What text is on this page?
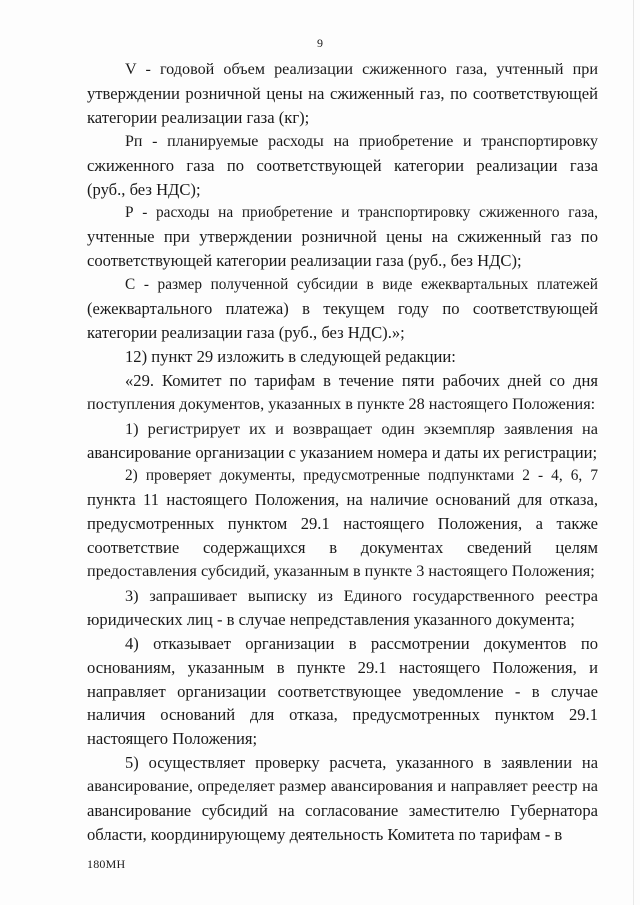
9

V - годовой объем реализации сжиженного газа, учтенный при
утверждении розничной цены на сжиженный газ, по соответствующей
категории реализации газа (кг);

Рп - планируемые расходы на приобретение и транспортировку
сжиженного газа по соответствующей категории реализации газа
(руб., без НДС);

Р - расходы на приобретение и транспортировку сжиженного газа,
учтенные при утверждении розничной цены на сжиженный газ по
соответствующей категории реализации газа (руб., без НДС);

С - размер полученной субсидии в виде ежеквартальных платежей
(ежеквартального платежа) в текущем году по соответствующей
категории реализации газа (руб., без НДС).»;

12) пункт 29 изложить в следующей редакции:

«29. Комитет по тарифам в течение пяти рабочих дней со дня
поступления документов, указанных в пункте 28 настоящего Положения:

1) регистрирует их и возвращает один экземпляр заявления на
авансирование организации с указанием номера и даты их регистрации;

2) проверяет документы, предусмотренные подпунктами 2 - 4, 6, 7
пункта 11 настоящего Положения, на наличие оснований для отказа,
предусмотренных пунктом 29.1 настоящего Положения, а также
соответствие содержащихся в документах сведений целям
предоставления субсидий, указанным в пункте 3 настоящего Положения;

3) запрашивает выписку из Единого государственного реестра
юридических лиц - в случае непредставления указанного документа;

4) отказывает организации в рассмотрении документов по
основаниям, указанным в пункте 29.1 настоящего Положения, и
направляет организации соответствующее уведомление - в случае
наличия оснований для отказа, предусмотренных пунктом 29.1
настоящего Положения;

5) осуществляет проверку расчета, указанного в заявлении на
авансирование, определяет размер авансирования и направляет реестр на
авансирование субсидий на согласование заместителю Губернатора
области, координирующему деятельность Комитета по тарифам - в

180МН
